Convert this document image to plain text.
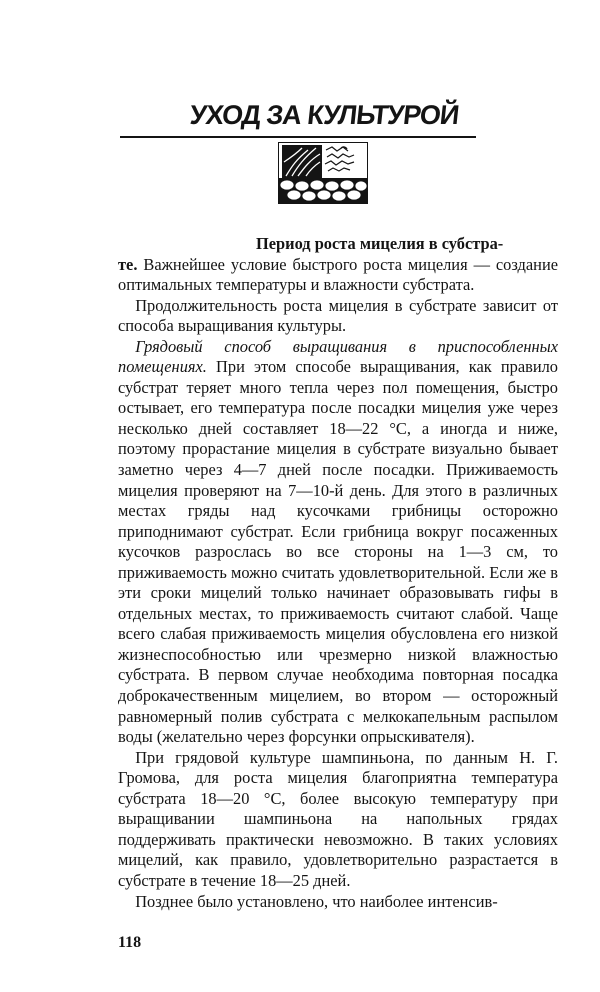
УХОД ЗА КУЛЬТУРОЙ

Период роста мицелия в субстра-
те. Важнейшее условие быстрого роста мицелия — создание оптимальных температуры и влажности субстрата.

Продолжительность роста мицелия в субстрате зависит от способа выращивания культуры.

Грядовый способ выращивания в приспособленных помещениях. При этом способе выращивания, как правило субстрат теряет много тепла через пол помещения, быстро остывает, его температура после посадки мицелия уже через несколько дней составляет 18—22 °С, а иногда и ниже, поэтому прорастание мицелия в субстрате визуально бывает заметно через 4—7 дней после посадки. Приживаемость мицелия проверяют на 7—10-й день. Для этого в различных местах гряды над кусочками грибницы осторожно приподнимают субстрат. Если грибница вокруг посаженных кусочков разрослась во все стороны на 1—3 см, то приживаемость можно считать удовлетворительной. Если же в эти сроки мицелий только начинает образовывать гифы в отдельных местах, то приживаемость считают слабой. Чаще всего слабая приживаемость мицелия обусловлена его низкой жизнеспособностью или чрезмерно низкой влажностью субстрата. В первом случае необходима повторная посадка доброкачественным мицелием, во втором — осторожный равномерный полив субстрата с мелкокапельным распылом воды (желательно через форсунки опрыскивателя).

При грядовой культуре шампиньона, по данным Н. Г. Громова, для роста мицелия благоприятна температура субстрата 18—20 °С, более высокую температуру при выращивании шампиньона на напольных грядах поддерживать практически невозможно. В таких условиях мицелий, как правило, удовлетворительно разрастается в субстрате в течение 18—25 дней.

Позднее было установлено, что наиболее интенсив-

118
